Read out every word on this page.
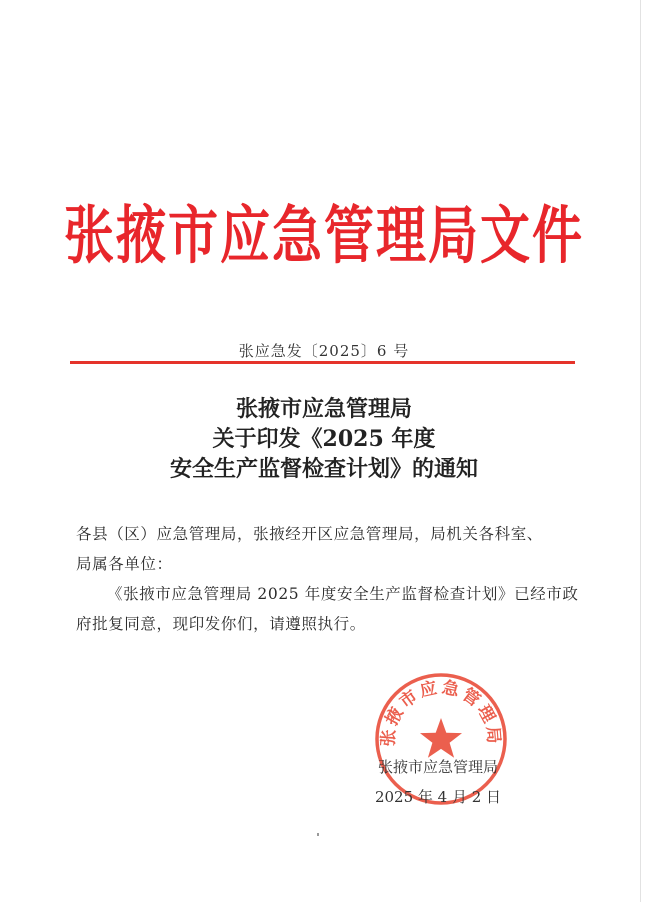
张掖市应急管理局文件
张应急发〔2025〕6 号
张掖市应急管理局
关于印发《2025 年度
安全生产监督检查计划》的通知

各县（区）应急管理局，张掖经开区应急管理局，局机关各科室、

局属各单位：

《张掖市应急管理局 2025 年度安全生产监督检查计划》已经市政府批复同意，现印发你们，请遵照执行。

张掖市应急管理局
张掖市应急管理局
2025 年 4 月 2 日
